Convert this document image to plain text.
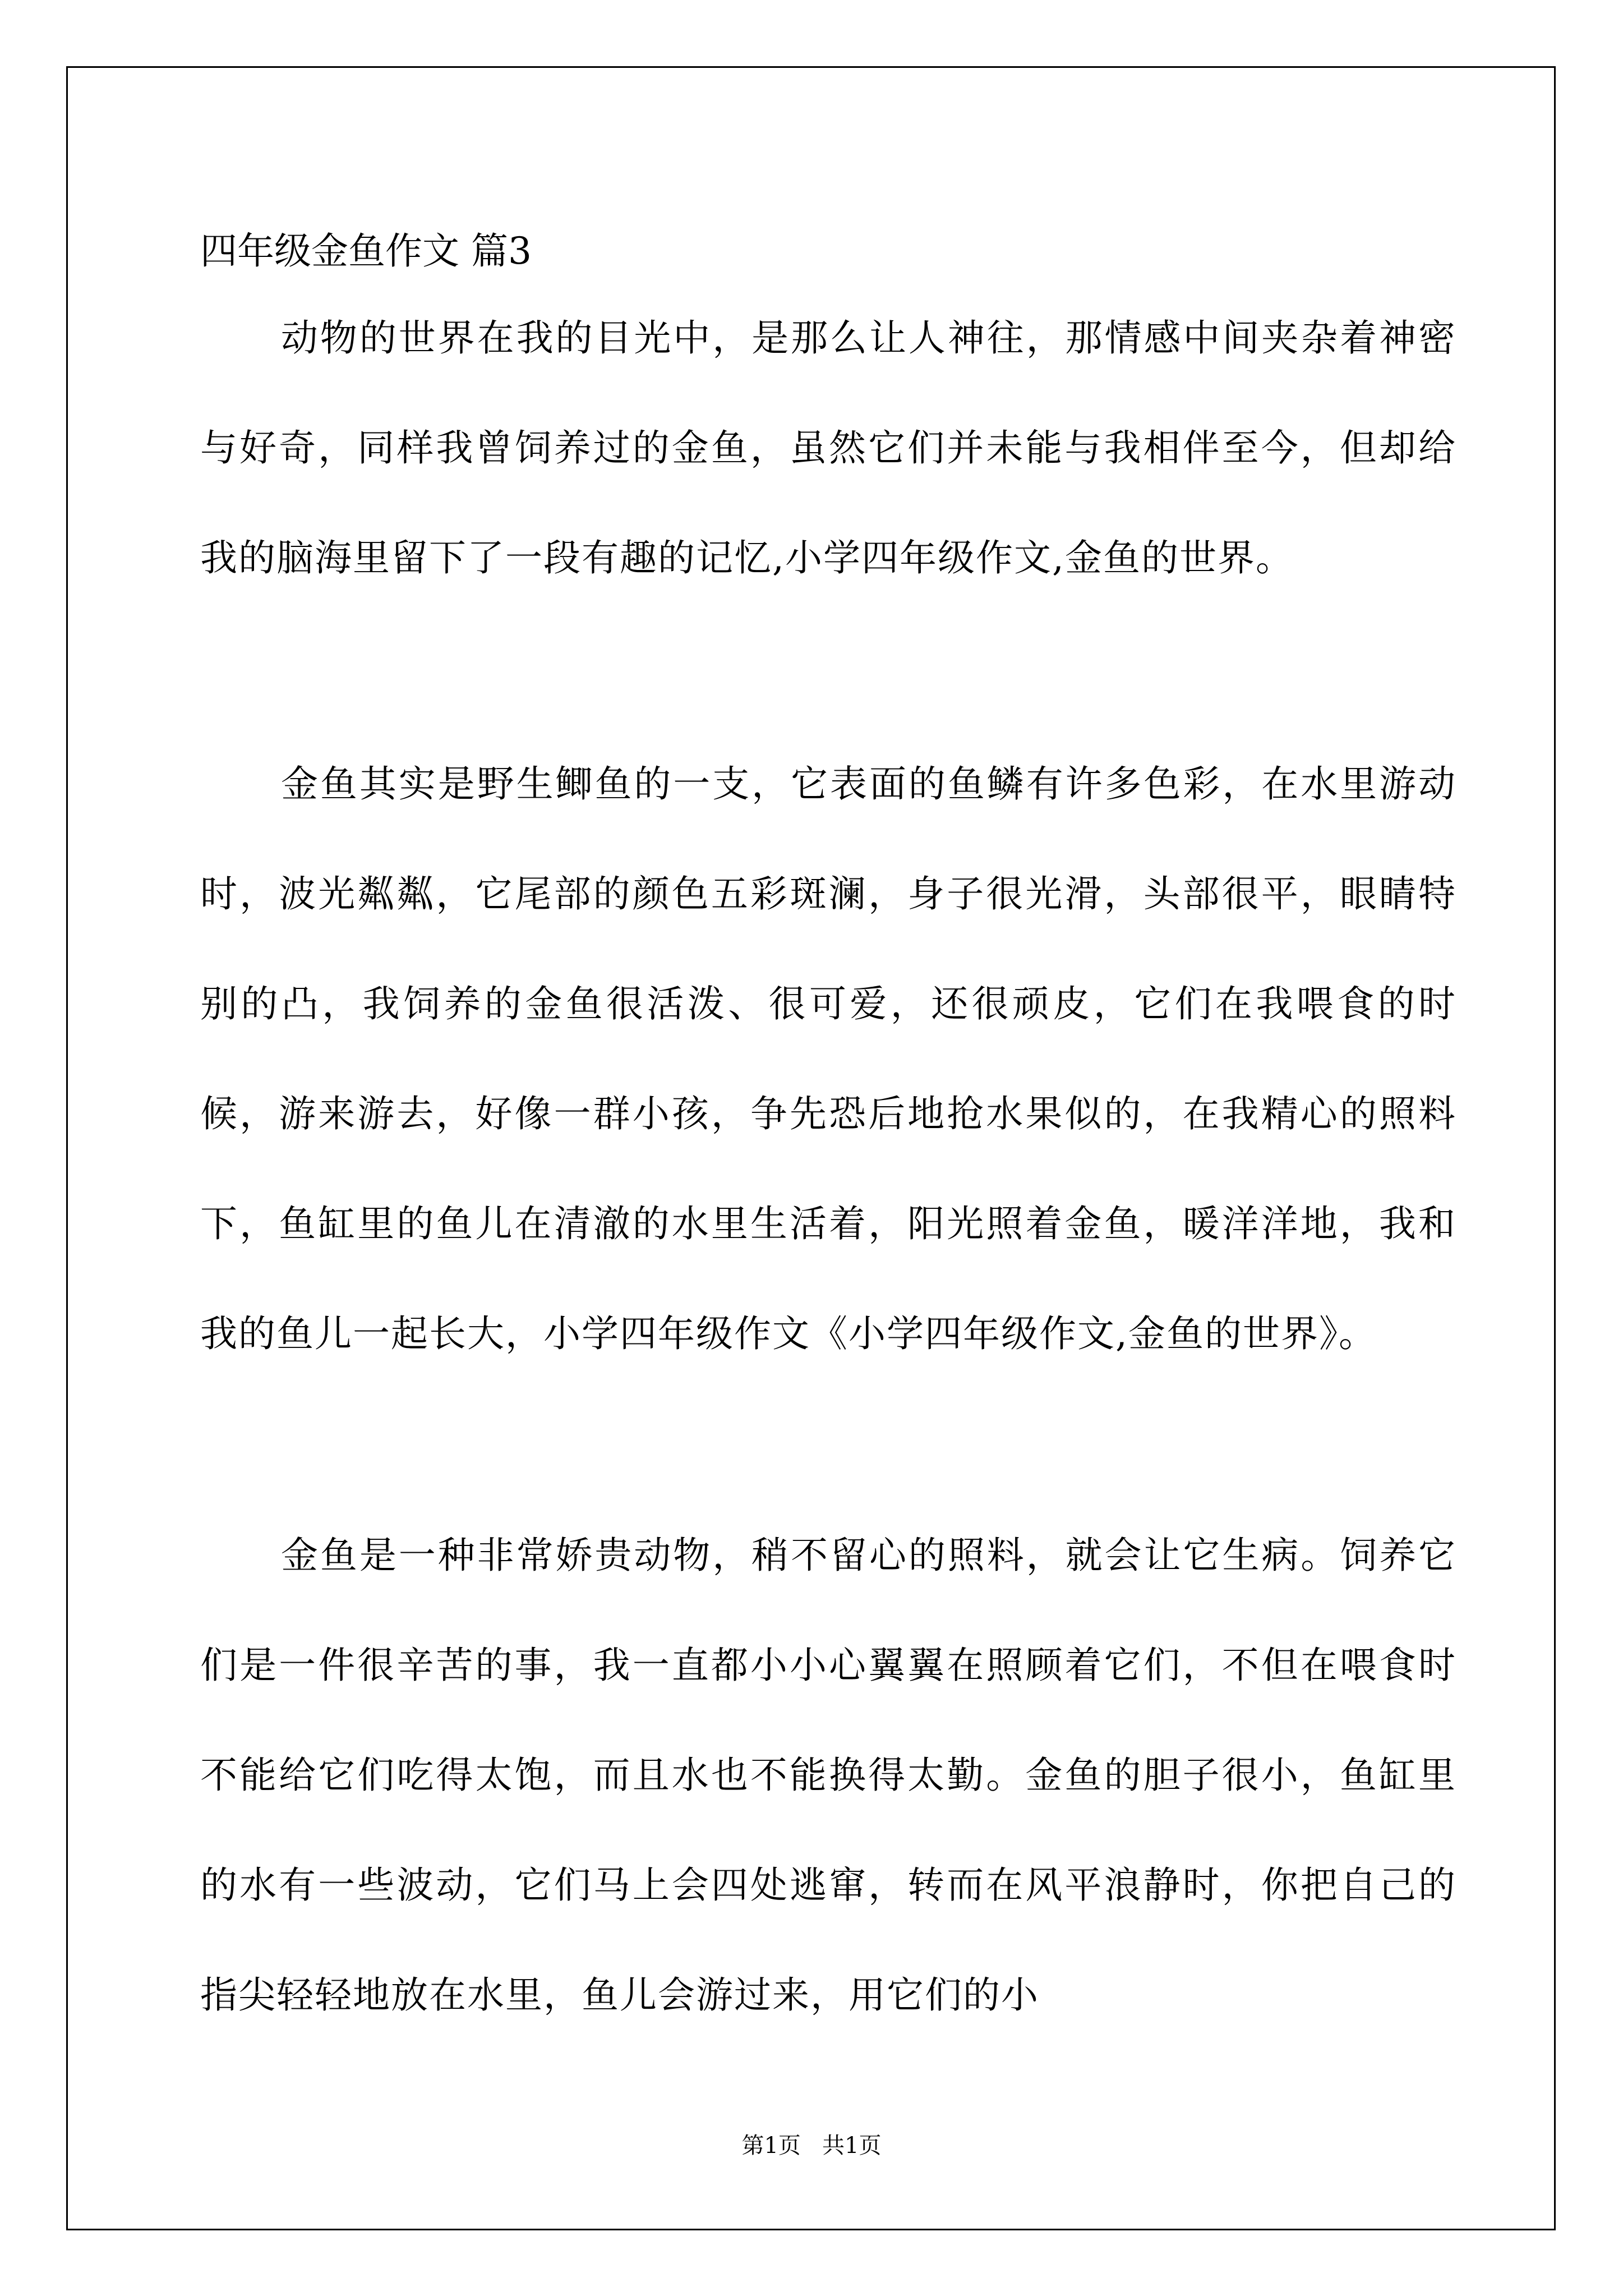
四年级金鱼作文 篇3

动物的世界在我的目光中，是那么让人神往，那情感中间夹杂着神密与好奇，同样我曾饲养过的金鱼，虽然它们并未能与我相伴至今，但却给我的脑海里留下了一段有趣的记忆,小学四年级作文,金鱼的世界。

金鱼其实是野生鲫鱼的一支，它表面的鱼鳞有许多色彩，在水里游动时，波光粼粼，它尾部的颜色五彩斑澜，身子很光滑，头部很平，眼睛特别的凸，我饲养的金鱼很活泼、很可爱，还很顽皮，它们在我喂食的时候，游来游去，好像一群小孩，争先恐后地抢水果似的，在我精心的照料下，鱼缸里的鱼儿在清澈的水里生活着，阳光照着金鱼，暖洋洋地，我和我的鱼儿一起长大，小学四年级作文《小学四年级作文,金鱼的世界》。

金鱼是一种非常娇贵动物，稍不留心的照料，就会让它生病。饲养它们是一件很辛苦的事，我一直都小小心翼翼在照顾着它们，不但在喂食时不能给它们吃得太饱，而且水也不能换得太勤。金鱼的胆子很小，鱼缸里的水有一些波动，它们马上会四处逃窜，转而在风平浪静时，你把自己的指尖轻轻地放在水里，鱼儿会游过来，用它们的小

第1页   共1页
